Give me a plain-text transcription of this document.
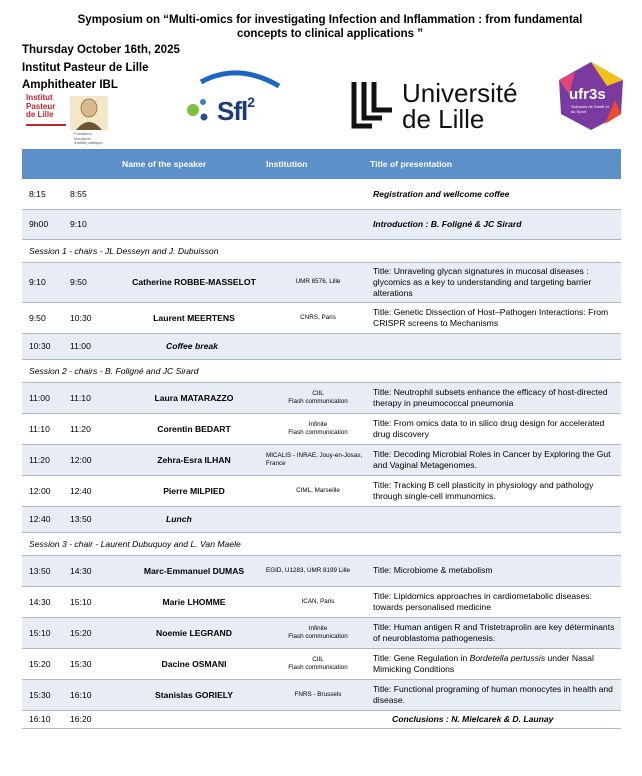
Symposium on “Multi-omics for investigating Infection and Inflammation : from fundamental
concepts to clinical applications ”
Thursday October 16th, 2025
Institut Pasteur de Lille
Amphitheater IBL
Institut
Pasteur
de Lille
Fondation
reconnue
d'utilité publique
Sfl$^2$	Université
de Lille
ufr3s
Sciences de Santé et du Sport
		Name of the speaker	Institution	Title of presentation
8:15	8:55			Registration and wellcome coffee
9h00	9:10			Introduction : B. Foligné & JC Sirard
Session 1 - chairs - JL Desseyn and J. Dubuisson				
9:10	9:50	Catherine ROBBE-MASSELOT	UMR 8576, Lille	Title: Unraveling glycan signatures in mucosal diseases : glycomics as a key to understanding and targeting barrier alterations
9:50	10:30	Laurent MEERTENS	CNRS, Paris	Title: Genetic Dissection of Host–Pathogen Interactions: From CRISPR screens to Mechanisms
10:30	11:00	Coffee break		
Session 2 - chairs - B. Foligné and JC Sirard				
11:00	11:10	Laura MATARAZZO	CIIL
Flash communication	Title: Neutrophil subsets enhance the efficacy of host-directed therapy in pneumococcal pneumonia
11:10	11:20	Corentin BEDART	Infinite
Flash communication	Title: From omics data to in silico drug design for accelerated drug discovery
11:20	12:00	Zehra-Esra ILHAN	MICALIS - INRAE, Jouy-en-Josas, France	Title: Decoding Microbial Roles in Cancer by Exploring the Gut and Vaginal Metagenomes.
12:00	12:40	Pierre MILPIED	CIML, Marseille	Title: Tracking B cell plasticity in physiology and pathology through single-cell immunomics.
12:40	13:50	Lunch		
Session 3 - chair - Laurent Dubuquoy and L. Van Maele				
13:50	14:30	Marc-Emmanuel DUMAS	EGID, U1283, UMR 8199 Lille	Title: Microbiome & metabolism
14:30	15:10	Marie LHOMME	ICAN, Paris	Title: Lipidomics approaches in cardiometabolic diseases: towards personalised medicine
15:10	15:20	Noemie LEGRAND	Infinite
Flash communication	Title: Human antigen R and Tristetraprolin are key déterminants of neuroblastoma pathogenesis.
15:20	15:30	Dacine OSMANI	CIIL
Flash communication	Title: Gene Regulation in Bordetella pertussis under Nasal Mimicking Conditions
15:30	16:10	Stanislas GORIELY	FNRS - Brussels	Title: Functional programing of human monocytes in health and disease.
16:10	16:20			Conclusions : N. Mielcarek & D. Launay
